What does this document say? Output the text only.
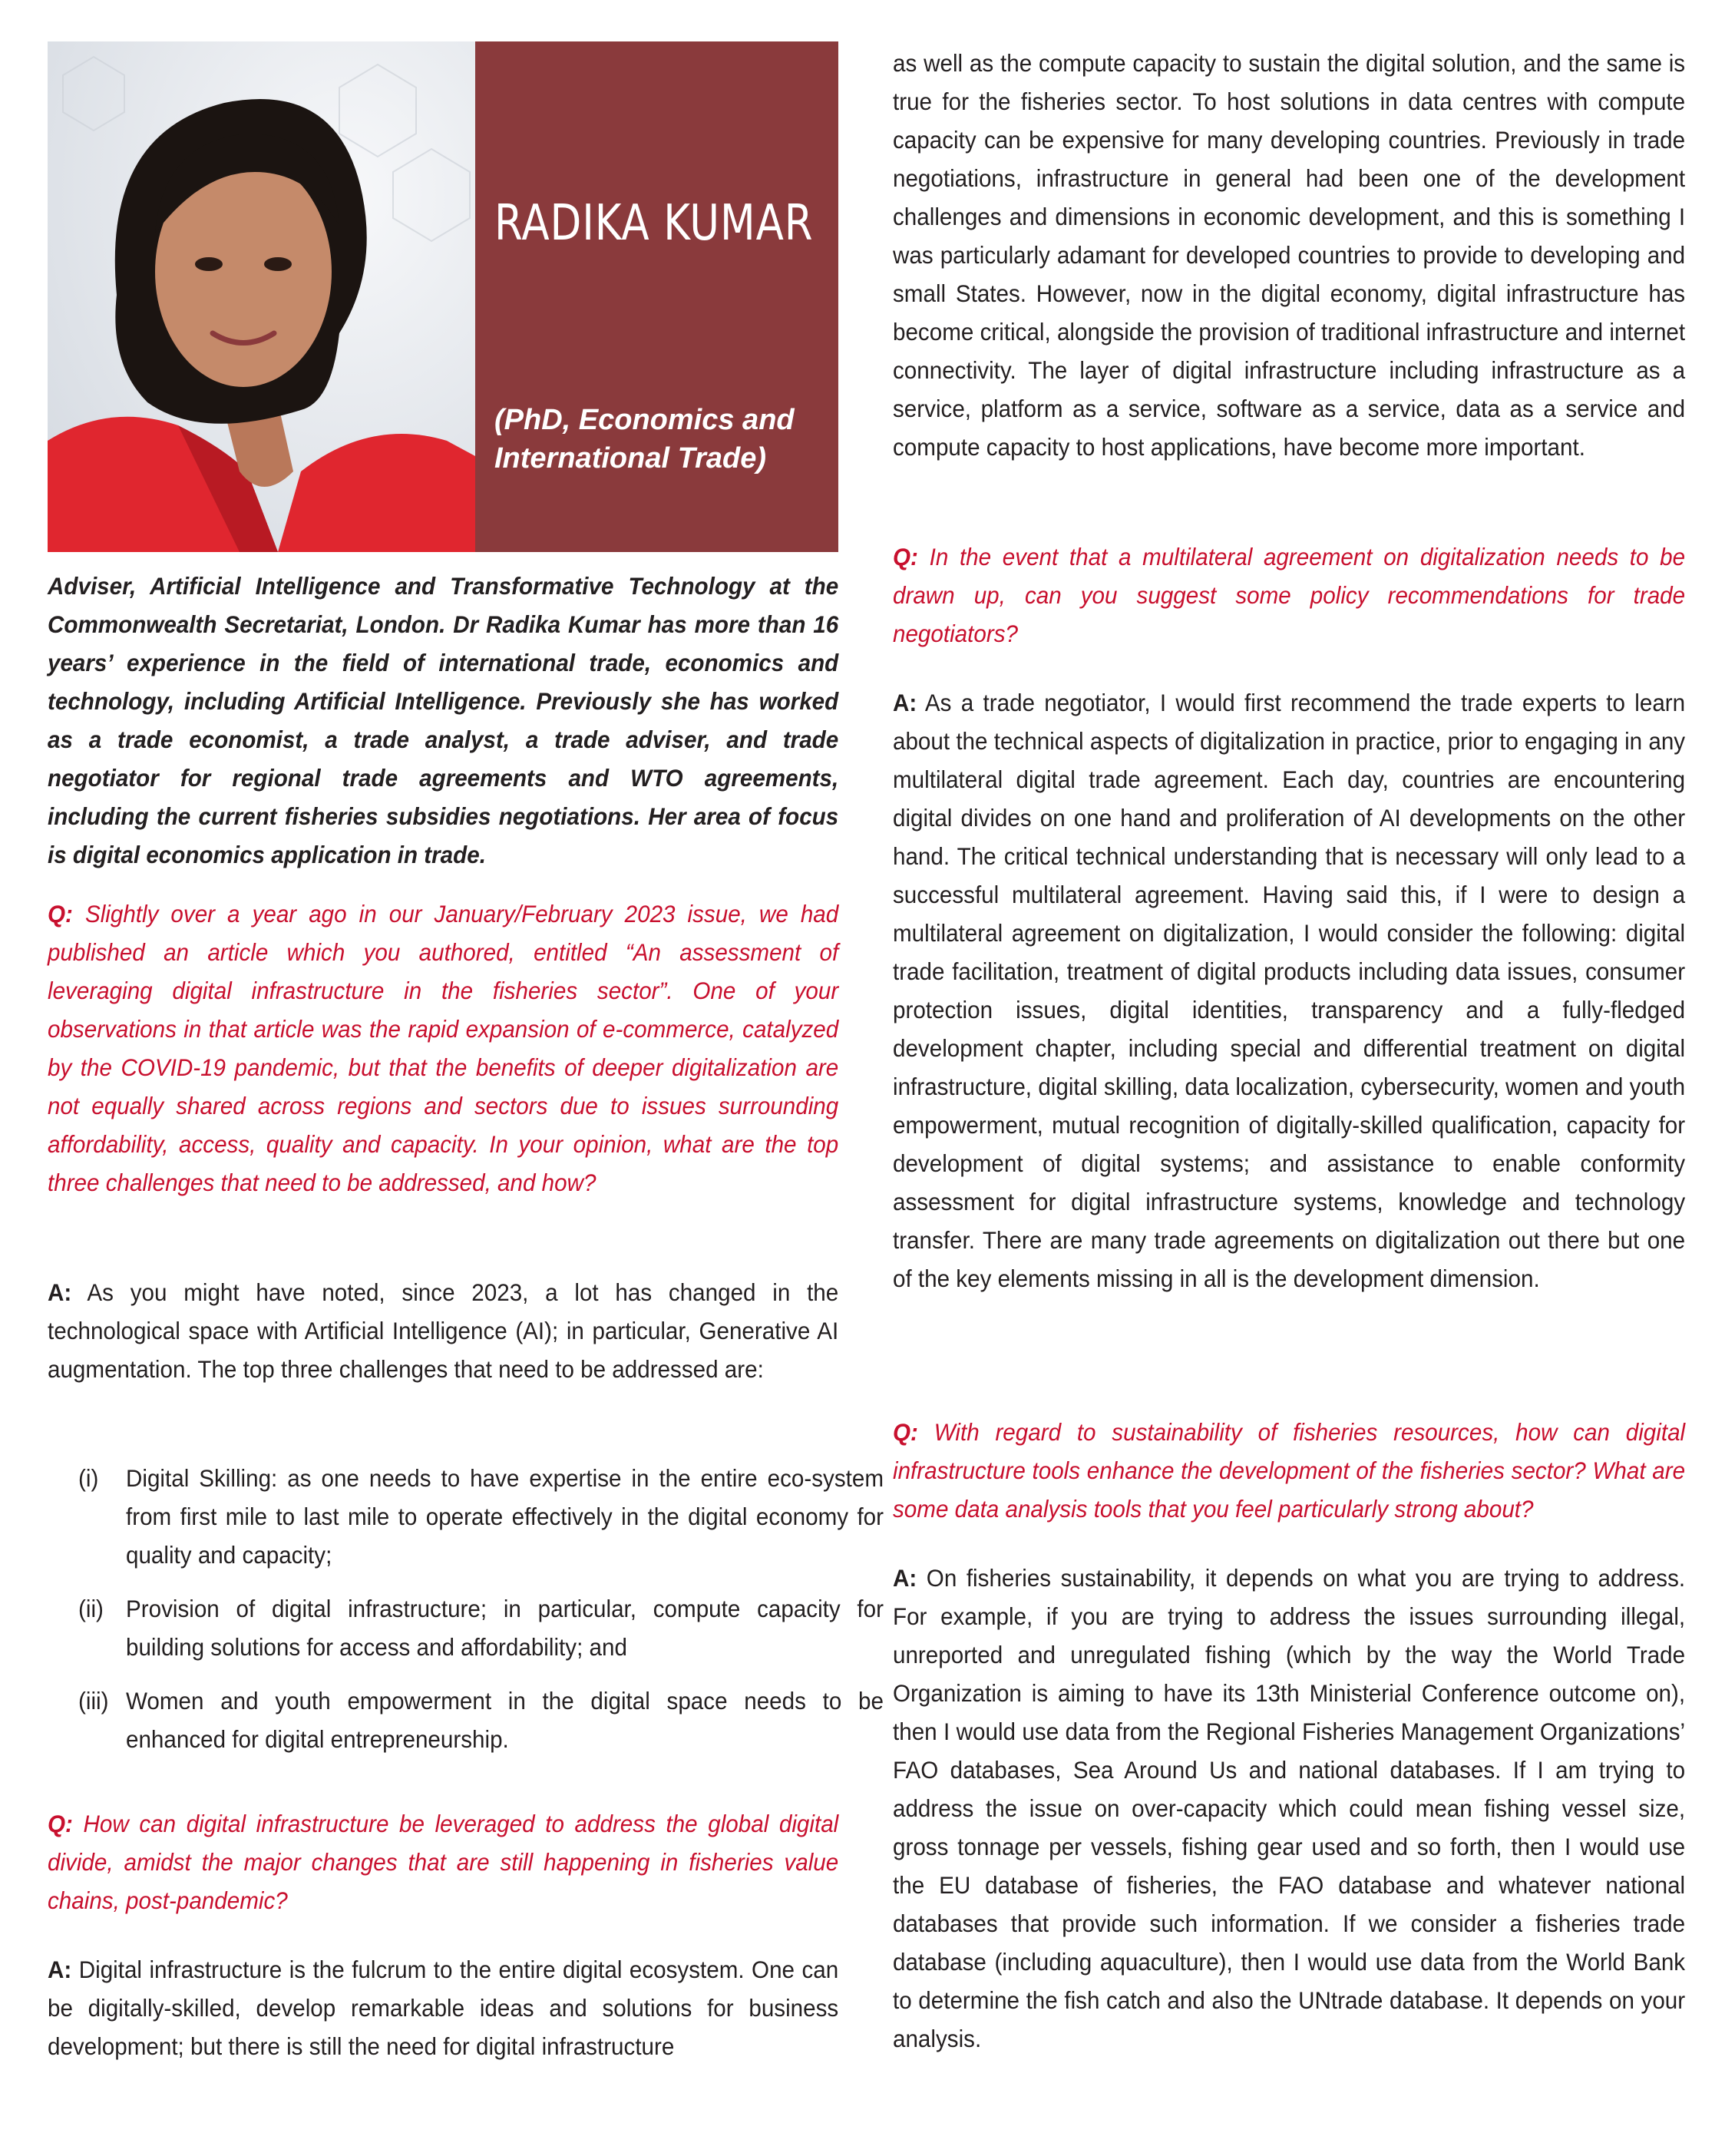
RADIKA KUMAR
(PhD, Economics and International Trade)

Adviser, Artificial Intelligence and Transformative Technology at the Commonwealth Secretariat, London. Dr Radika Kumar has more than 16 years’ experience in the field of international trade, economics and technology, including Artificial Intelligence. Previously she has worked as a trade economist, a trade analyst, a trade adviser, and trade negotiator for regional trade agreements and WTO agreements, including the current fisheries subsidies negotiations. Her area of focus is digital economics application in trade.

Q: Slightly over a year ago in our January/February 2023 issue, we had published an article which you authored, entitled “An assessment of leveraging digital infrastructure in the fisheries sector”. One of your observations in that article was the rapid expansion of e-commerce, catalyzed by the COVID-19 pandemic, but that the benefits of deeper digitalization are not equally shared across regions and sectors due to issues surrounding affordability, access, quality and capacity. In your opinion, what are the top three challenges that need to be addressed, and how?

A: As you might have noted, since 2023, a lot has changed in the technological space with Artificial Intelligence (AI); in particular, Generative AI augmentation. The top three challenges that need to be addressed are:

(i)	Digital Skilling: as one needs to have expertise in the entire eco-system from first mile to last mile to operate effectively in the digital economy for quality and capacity;
(ii) Provision of digital infrastructure; in particular, compute capacity for building solutions for access and affordability; and
(iii) Women and youth empowerment in the digital space needs to be enhanced for digital entrepreneurship.

Q: How can digital infrastructure be leveraged to address the global digital divide, amidst the major changes that are still happening in fisheries value chains, post-pandemic?

A: Digital infrastructure is the fulcrum to the entire digital ecosystem. One can be digitally-skilled, develop remarkable ideas and solutions for business development; but there is still the need for digital infrastructure

as well as the compute capacity to sustain the digital solution, and the same is true for the fisheries sector. To host solutions in data centres with compute capacity can be expensive for many developing countries. Previously in trade negotiations, infrastructure in general had been one of the development challenges and dimensions in economic development, and this is something I was particularly adamant for developed countries to provide to developing and small States. However, now in the digital economy, digital infrastructure has become critical, alongside the provision of traditional infrastructure and internet connectivity. The layer of digital infrastructure including infrastructure as a service, platform as a service, software as a service, data as a service and compute capacity to host applications, have become more important.

Q: In the event that a multilateral agreement on digitalization needs to be drawn up, can you suggest some policy recommendations for trade negotiators?

A: As a trade negotiator, I would first recommend the trade experts to learn about the technical aspects of digitalization in practice, prior to engaging in any multilateral digital trade agreement. Each day, countries are encountering digital divides on one hand and proliferation of AI developments on the other hand. The critical technical understanding that is necessary will only lead to a successful multilateral agreement. Having said this, if I were to design a multilateral agreement on digitalization, I would consider the following: digital trade facilitation, treatment of digital products including data issues, consumer protection issues, digital identities, transparency and a fully-fledged development chapter, including special and differential treatment on digital infrastructure, digital skilling, data localization, cybersecurity, women and youth empowerment, mutual recognition of digitally-skilled qualification, capacity for development of digital systems; and assistance to enable conformity assessment for digital infrastructure systems, knowledge and technology transfer. There are many trade agreements on digitalization out there but one of the key elements missing in all is the development dimension.

Q: With regard to sustainability of fisheries resources, how can digital infrastructure tools enhance the development of the fisheries sector? What are some data analysis tools that you feel particularly strong about?

A: On fisheries sustainability, it depends on what you are trying to address. For example, if you are trying to address the issues surrounding illegal, unreported and unregulated fishing (which by the way the World Trade Organization is aiming to have its 13th Ministerial Conference outcome on), then I would use data from the Regional Fisheries Management Organizations’ FAO databases, Sea Around Us and national databases. If I am trying to address the issue on over-capacity which could mean fishing vessel size, gross tonnage per vessels, fishing gear used and so forth, then I would use the EU database of fisheries, the FAO database and whatever national databases that provide such information. If we consider a fisheries trade database (including aquaculture), then I would use data from the World Bank to determine the fish catch and also the UNtrade database. It depends on your analysis.
